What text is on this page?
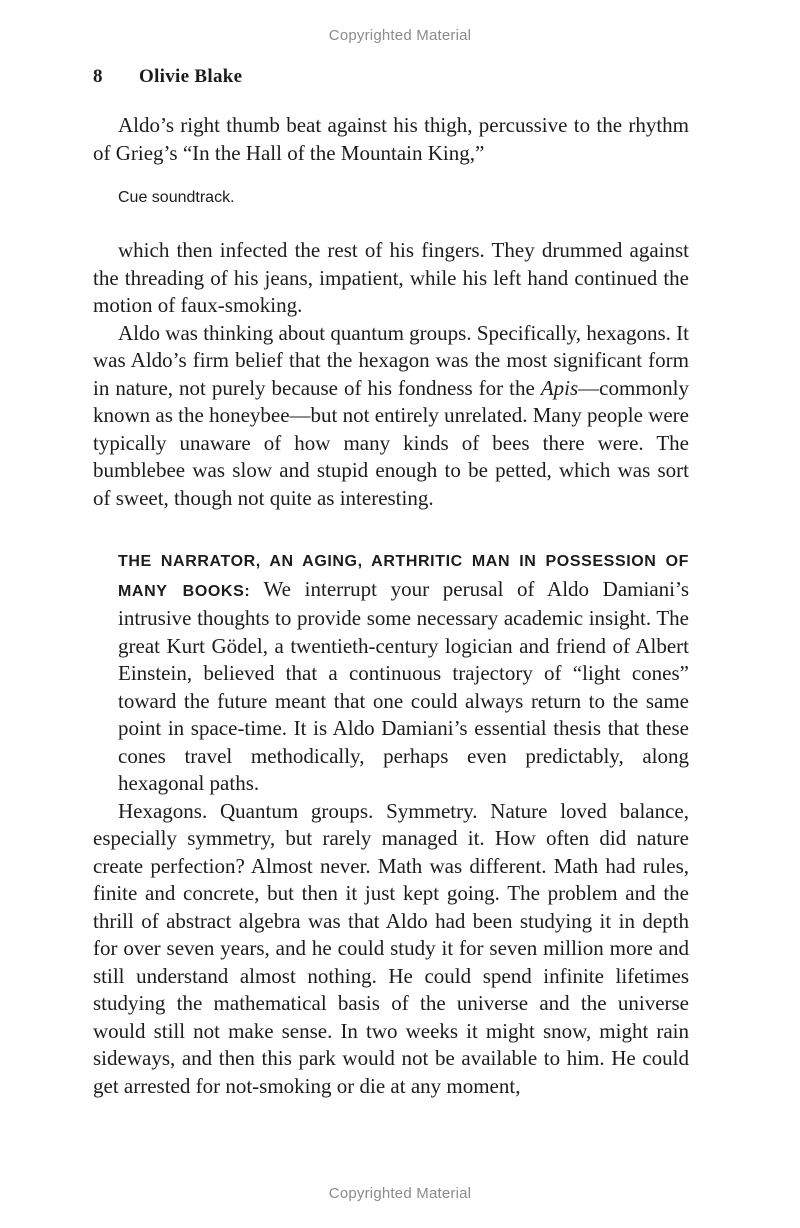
Copyrighted Material
8 Olivie Blake

Aldo’s right thumb beat against his thigh, percussive to the rhythm of Grieg’s “In the Hall of the Mountain King,”

Cue soundtrack.

which then infected the rest of his fingers. They drummed against the threading of his jeans, impatient, while his left hand continued the motion of faux-smoking.

Aldo was thinking about quantum groups. Specifically, hexagons. It was Aldo’s firm belief that the hexagon was the most significant form in nature, not purely because of his fondness for the Apis—commonly known as the honeybee—but not entirely unrelated. Many people were typically unaware of how many kinds of bees there were. The bumblebee was slow and stupid enough to be petted, which was sort of sweet, though not quite as interesting.

THE NARRATOR, AN AGING, ARTHRITIC MAN IN POSSESSION OF MANY BOOKS: We interrupt your perusal of Aldo Damiani’s intrusive thoughts to provide some necessary academic insight. The great Kurt Gödel, a twentieth-century logician and friend of Albert Einstein, believed that a continuous trajectory of “light cones” toward the future meant that one could always return to the same point in space-time. It is Aldo Damiani’s essential thesis that these cones travel methodically, perhaps even predictably, along hexagonal paths.

Hexagons. Quantum groups. Symmetry. Nature loved balance, especially symmetry, but rarely managed it. How often did nature create perfection? Almost never. Math was different. Math had rules, finite and concrete, but then it just kept going. The problem and the thrill of abstract algebra was that Aldo had been studying it in depth for over seven years, and he could study it for seven million more and still understand almost nothing. He could spend infinite lifetimes studying the mathematical basis of the universe and the universe would still not make sense. In two weeks it might snow, might rain sideways, and then this park would not be available to him. He could get arrested for not-smoking or die at any moment,

Copyrighted Material
